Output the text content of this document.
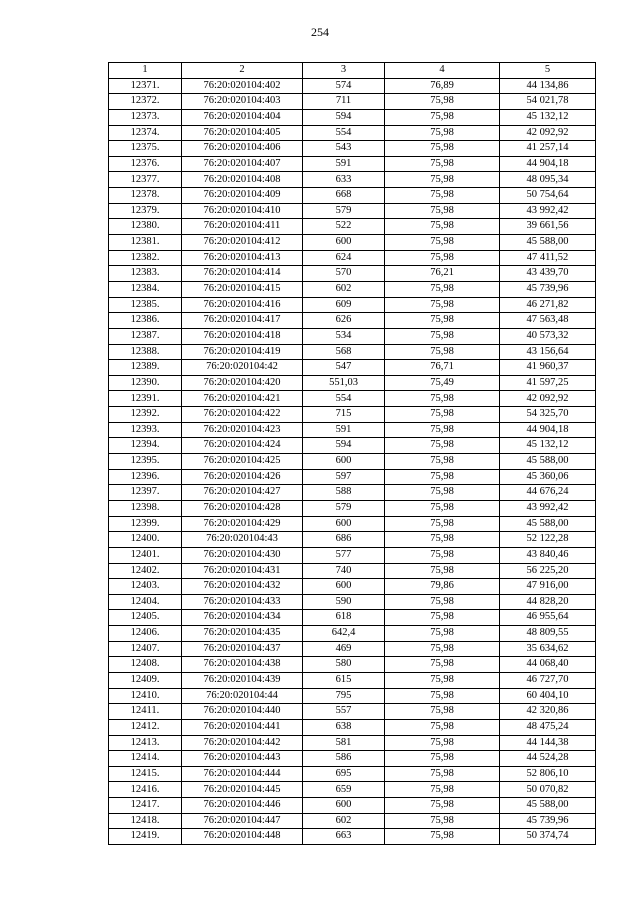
254
1	2	3	4	5
12371.	76:20:020104:402	574	76,89	44 134,86
12372.	76:20:020104:403	711	75,98	54 021,78
12373.	76:20:020104:404	594	75,98	45 132,12
12374.	76:20:020104:405	554	75,98	42 092,92
12375.	76:20:020104:406	543	75,98	41 257,14
12376.	76:20:020104:407	591	75,98	44 904,18
12377.	76:20:020104:408	633	75,98	48 095,34
12378.	76:20:020104:409	668	75,98	50 754,64
12379.	76:20:020104:410	579	75,98	43 992,42
12380.	76:20:020104:411	522	75,98	39 661,56
12381.	76:20:020104:412	600	75,98	45 588,00
12382.	76:20:020104:413	624	75,98	47 411,52
12383.	76:20:020104:414	570	76,21	43 439,70
12384.	76:20:020104:415	602	75,98	45 739,96
12385.	76:20:020104:416	609	75,98	46 271,82
12386.	76:20:020104:417	626	75,98	47 563,48
12387.	76:20:020104:418	534	75,98	40 573,32
12388.	76:20:020104:419	568	75,98	43 156,64
12389.	76:20:020104:42	547	76,71	41 960,37
12390.	76:20:020104:420	551,03	75,49	41 597,25
12391.	76:20:020104:421	554	75,98	42 092,92
12392.	76:20:020104:422	715	75,98	54 325,70
12393.	76:20:020104:423	591	75,98	44 904,18
12394.	76:20:020104:424	594	75,98	45 132,12
12395.	76:20:020104:425	600	75,98	45 588,00
12396.	76:20:020104:426	597	75,98	45 360,06
12397.	76:20:020104:427	588	75,98	44 676,24
12398.	76:20:020104:428	579	75,98	43 992,42
12399.	76:20:020104:429	600	75,98	45 588,00
12400.	76:20:020104:43	686	75,98	52 122,28
12401.	76:20:020104:430	577	75,98	43 840,46
12402.	76:20:020104:431	740	75,98	56 225,20
12403.	76:20:020104:432	600	79,86	47 916,00
12404.	76:20:020104:433	590	75,98	44 828,20
12405.	76:20:020104:434	618	75,98	46 955,64
12406.	76:20:020104:435	642,4	75,98	48 809,55
12407.	76:20:020104:437	469	75,98	35 634,62
12408.	76:20:020104:438	580	75,98	44 068,40
12409.	76:20:020104:439	615	75,98	46 727,70
12410.	76:20:020104:44	795	75,98	60 404,10
12411.	76:20:020104:440	557	75,98	42 320,86
12412.	76:20:020104:441	638	75,98	48 475,24
12413.	76:20:020104:442	581	75,98	44 144,38
12414.	76:20:020104:443	586	75,98	44 524,28
12415.	76:20:020104:444	695	75,98	52 806,10
12416.	76:20:020104:445	659	75,98	50 070,82
12417.	76:20:020104:446	600	75,98	45 588,00
12418.	76:20:020104:447	602	75,98	45 739,96
12419.	76:20:020104:448	663	75,98	50 374,74
